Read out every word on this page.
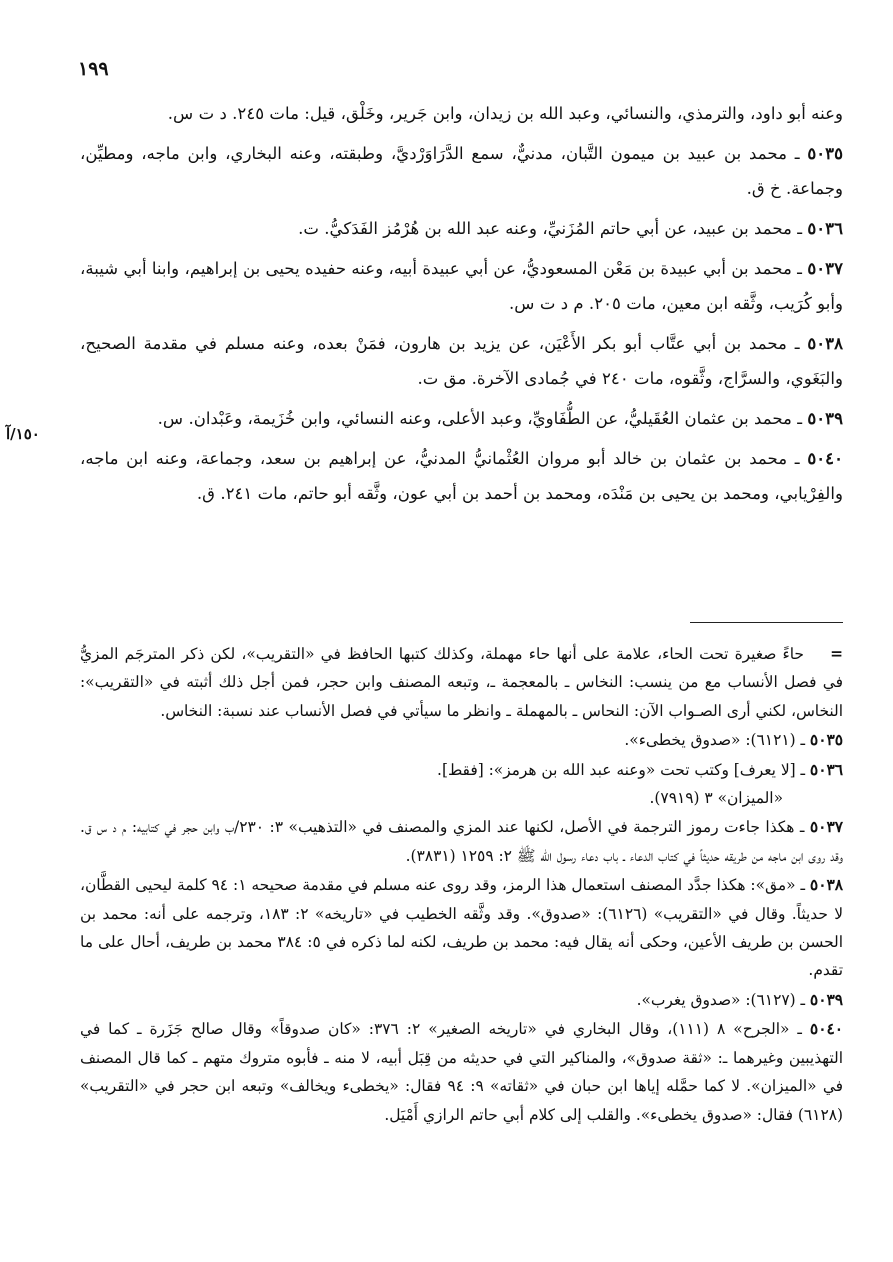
١٩٩
١٥٠/آ

وعنه أبو داود، والترمذي، والنسائي، وعبد الله بن زيدان، وابن جَرير، وخَلْق، قيل: مات ٢٤٥. د ت س.

٥٠٣٥ ـ محمد بن عبيد بن ميمون التَّبان، مدنيٌّ، سمع الدَّرَاوَرْديَّ، وطبقته، وعنه البخاري، وابن ماجه، ومطيِّن، وجماعة. خ ق.

٥٠٣٦ ـ محمد بن عبيد، عن أبي حاتم المُزَنيِّ، وعنه عبد الله بن هُرْمُز الفَدَكيُّ. ت.

٥٠٣٧ ـ محمد بن أبي عبيدة بن مَعْن المسعوديُّ، عن أبي عبيدة أبيه، وعنه حفيده يحيى بن إبراهيم، وابنا أبي شيبة، وأبو كُرَيب، وثَّقه ابن معين، مات ٢٠٥. م د ت س.

٥٠٣٨ ـ محمد بن أبي عتَّاب أبو بكر الأَعْيَن، عن يزيد بن هارون، فمَنْ بعده، وعنه مسلم في مقدمة الصحيح، والبَغَوي، والسرَّاج، وثَّقوه، مات ٢٤٠ في جُمادى الآخرة. مق ت.

٥٠٣٩ ـ محمد بن عثمان العُقَيليُّ، عن الطُّفَاويِّ، وعبد الأعلى، وعنه النسائي، وابن خُزَيمة، وعَبْدان. س.

٥٠٤٠ ـ محمد بن عثمان بن خالد أبو مروان العُثْمانيُّ المدنيُّ، عن إبراهيم بن سعد، وجماعة، وعنه ابن ماجه، والفِرْيابي، ومحمد بن يحيى بن مَنْدَه، ومحمد بن أحمد بن أبي عون، وثَّقه أبو حاتم، مات ٢٤١. ق.

= حاءً صغيرة تحت الحاء، علامة على أنها حاء مهملة، وكذلك كتبها الحافظ في «التقريب»، لكن ذكر المترجَم المزيُّ في فصل الأنساب مع من ينسب: النخاس ـ بالمعجمة ـ، وتبعه المصنف وابن حجر، فمن أجل ذلك أثبته في «التقريب»: النخاس، لكني أرى الصـواب الآن: النحاس ـ بالمهملة ـ وانظر ما سيأتي في فصل الأنساب عند نسبة: النخاس.

٥٠٣٥ ـ (٦١٢١): «صدوق يخطىء».

٥٠٣٦ ـ [لا يعرف] وكتب تحت «وعنه عبد الله بن هرمز»: [فقط].
«الميزان» ٣ (٧٩١٩).

٥٠٣٧ ـ هكذا جاءت رموز الترجمة في الأصل، لكنها عند المزي والمصنف في «التذهيب» ٣: ٢٣٠/ب وابن حجر في كتابيه: م د س ق. وقد روى ابن ماجه من طريقه حديثاً في كتاب الدعاء ـ باب دعاء رسول الله ﷺ ٢: ١٢٥٩ (٣٨٣١).

٥٠٣٨ ـ «مق»: هكذا جدَّد المصنف استعمال هذا الرمز، وقد روى عنه مسلم في مقدمة صحيحه ١: ٩٤ كلمة ليحيى القطَّان، لا حديثاً. وقال في «التقريب» (٦١٢٦): «صدوق». وقد وثَّقه الخطيب في «تاريخه» ٢: ١٨٣، وترجمه على أنه: محمد بن الحسن بن طريف الأعين، وحكى أنه يقال فيه: محمد بن طريف، لكنه لما ذكره في ٥: ٣٨٤ محمد بن طريف، أحال على ما تقدم.

٥٠٣٩ ـ (٦١٢٧): «صدوق يغرب».

٥٠٤٠ ـ «الجرح» ٨ (١١١)، وقال البخاري في «تاريخه الصغير» ٢: ٣٧٦: «كان صدوقاً» وقال صالح جَزَرة ـ كما في التهذيبين وغيرهما ـ: «ثقة صدوق»، والمناكير التي في حديثه من قِبَل أبيه، لا منه ـ فأبوه متروك متهم ـ كما قال المصنف في «الميزان». لا كما حمَّله إياها ابن حبان في «ثقاته» ٩: ٩٤ فقال: «يخطىء ويخالف» وتبعه ابن حجر في «التقريب» (٦١٢٨) فقال: «صدوق يخطىء». والقلب إلى كلام أبي حاتم الرازي أَمْيَل.
